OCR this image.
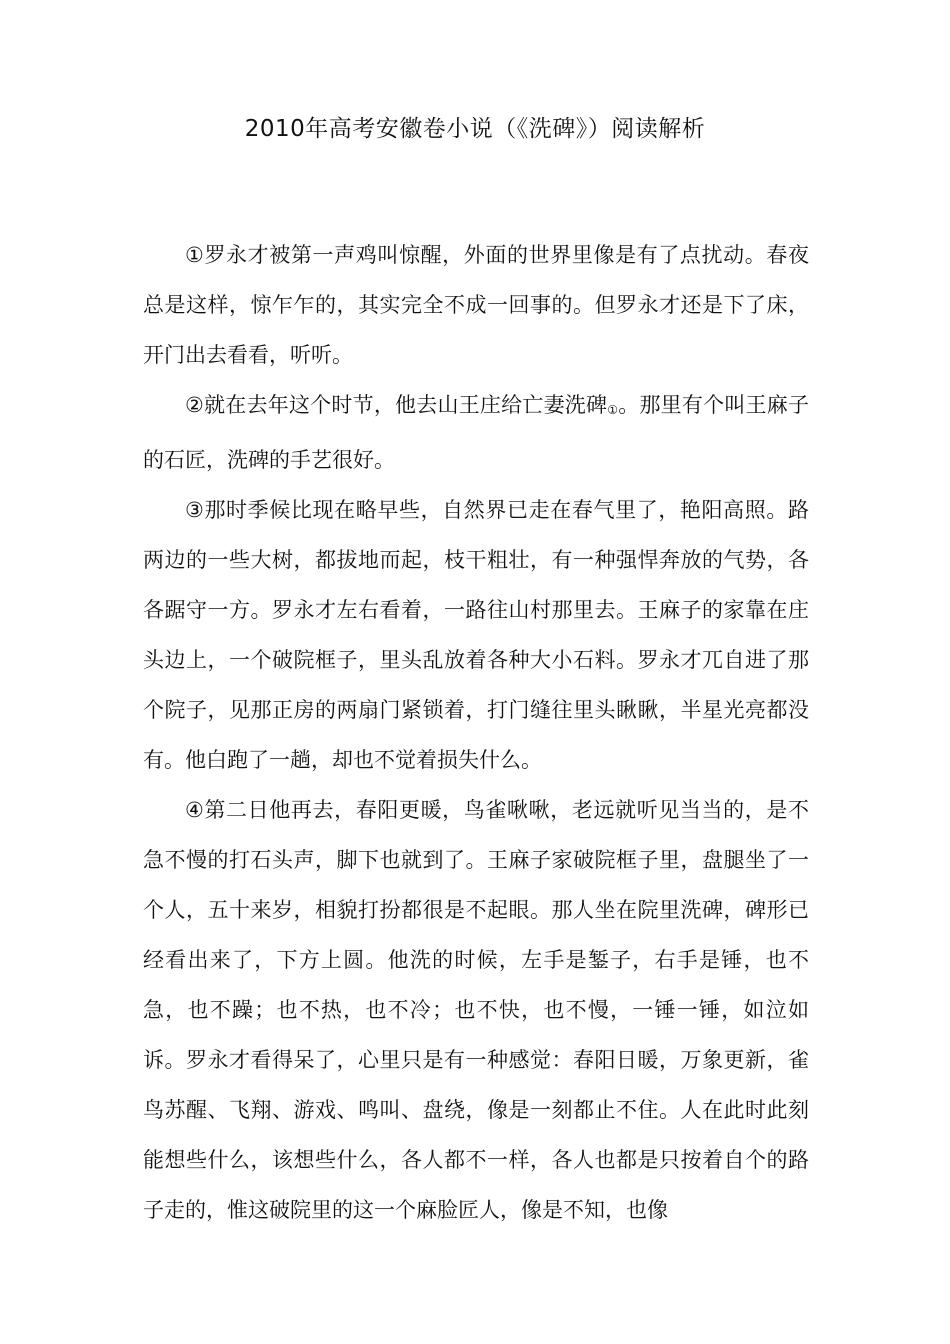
2010年高考安徽卷小说（《洗碑》）阅读解析

①罗永才被第一声鸡叫惊醒，外面的世界里像是有了点扰动。春夜总是这样，惊乍乍的，其实完全不成一回事的。但罗永才还是下了床，开门出去看看，听听。

②就在去年这个时节，他去山王庄给亡妻洗碑①。那里有个叫王麻子的石匠，洗碑的手艺很好。

③那时季候比现在略早些，自然界已走在春气里了，艳阳高照。路两边的一些大树，都拔地而起，枝干粗壮，有一种强悍奔放的气势，各各踞守一方。罗永才左右看着，一路往山村那里去。王麻子的家靠在庄头边上，一个破院框子，里头乱放着各种大小石料。罗永才兀自进了那个院子，见那正房的两扇门紧锁着，打门缝往里头瞅瞅，半星光亮都没有。他白跑了一趟，却也不觉着损失什么。

④第二日他再去，春阳更暖，鸟雀啾啾，老远就听见当当的，是不急不慢的打石头声，脚下也就到了。王麻子家破院框子里，盘腿坐了一个人，五十来岁，相貌打扮都很是不起眼。那人坐在院里洗碑，碑形已经看出来了，下方上圆。他洗的时候，左手是錾子，右手是锤，也不急，也不躁；也不热，也不冷；也不快，也不慢，一锤一锤，如泣如诉。罗永才看得呆了，心里只是有一种感觉：春阳日暖，万象更新，雀鸟苏醒、飞翔、游戏、鸣叫、盘绕，像是一刻都止不住。人在此时此刻能想些什么，该想些什么，各人都不一样，各人也都是只按着自个的路子走的，惟这破院里的这一个麻脸匠人，像是不知，也像
